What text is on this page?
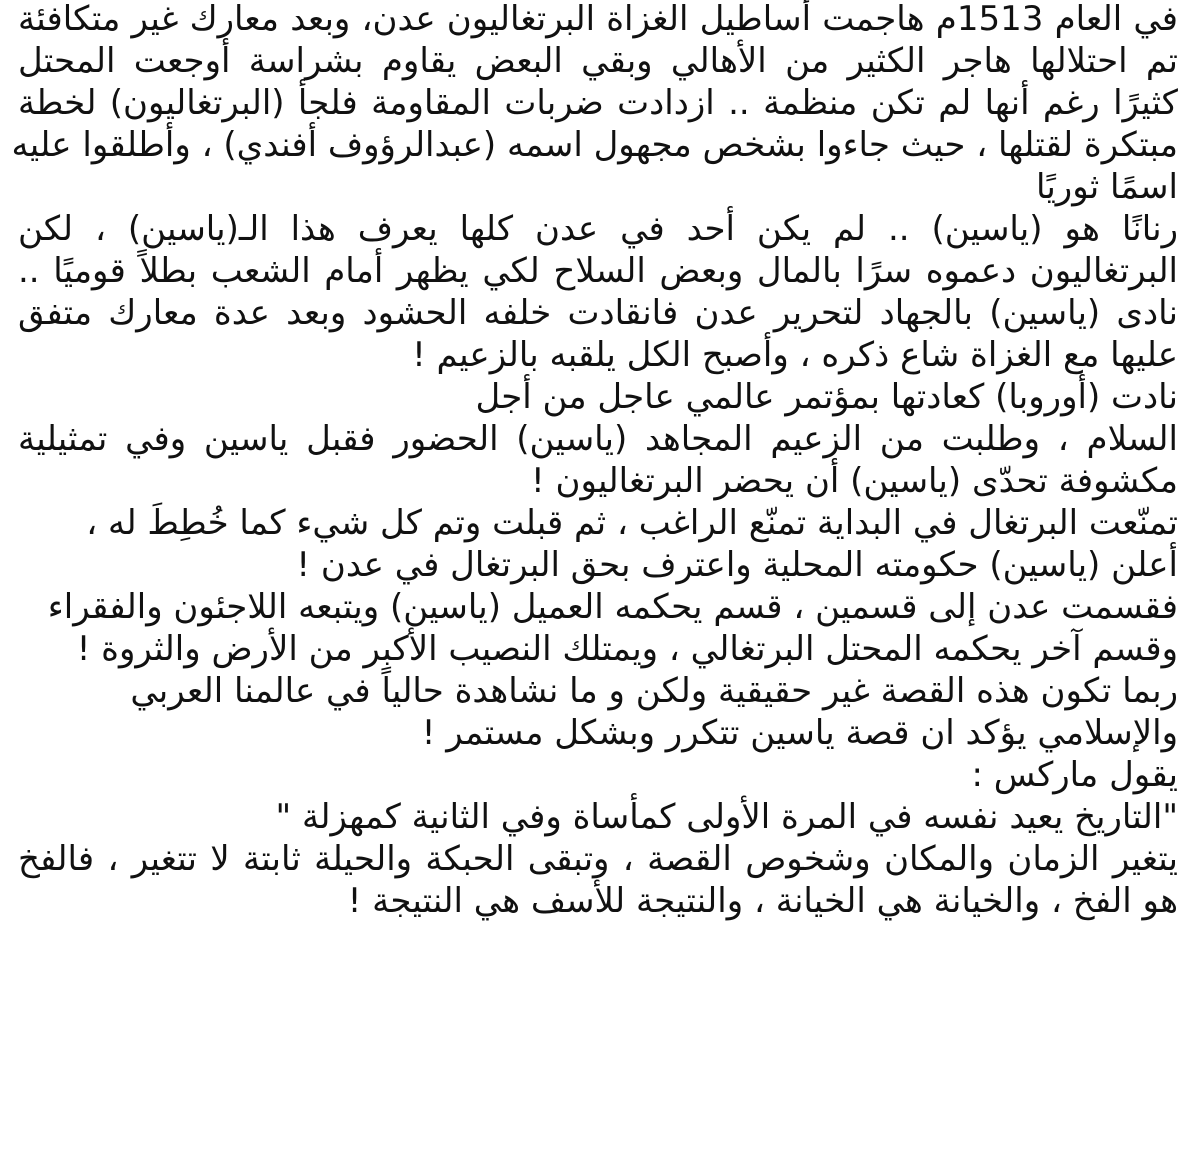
في العام 1513م هاجمت أساطيل الغزاة البرتغاليون عدن، وبعد معارك غير متكافئة
تم احتلالها هاجر الكثير من الأهالي وبقي البعض يقاوم بشراسة أوجعت المحتل
كثيرًا رغم أنها لم تكن منظمة .. ازدادت ضربات المقاومة فلجأ (البرتغاليون) لخطة
مبتكرة لقتلها ، حيث جاءوا بشخص مجهول اسمه (عبدالرؤوف أفندي) ، وأطلقوا عليه
اسمًا ثوريًا
رنانًا هو (ياسين) .. لم يكن أحد في عدن كلها يعرف هذا الـ(ياسين) ، لكن
البرتغاليون دعموه سرًا بالمال وبعض السلاح لكي يظهر أمام الشعب بطلاً قوميًا ..
نادى (ياسين) بالجهاد لتحرير عدن فانقادت خلفه الحشود وبعد عدة معارك متفق
عليها مع الغزاة شاع ذكره ، وأصبح الكل يلقبه بالزعيم !
نادت (أوروبا) كعادتها بمؤتمر عالمي عاجل من أجل
السلام ، وطلبت من الزعيم المجاهد (ياسين) الحضور فقبل ياسين وفي تمثيلية
مكشوفة تحدّى (ياسين) أن يحضر البرتغاليون !
تمنّعت البرتغال في البداية تمنّع الراغب ، ثم قبلت وتم كل شيء كما خُطِطَ له ،
أعلن (ياسين) حكومته المحلية واعترف بحق البرتغال في عدن !
فقسمت عدن إلى قسمين ، قسم يحكمه العميل (ياسين) ويتبعه اللاجئون والفقراء
وقسم آخر يحكمه المحتل البرتغالي ، ويمتلك النصيب الأكبر من الأرض والثروة !
ربما تكون هذه القصة غير حقيقية ولكن و ما نشاهدة حالياً في عالمنا العربي
والإسلامي يؤكد ان قصة ياسين تتكرر وبشكل مستمر !
يقول ماركس :
"التاريخ يعيد نفسه في المرة الأولى كمأساة وفي الثانية كمهزلة "
يتغير الزمان والمكان وشخوص القصة ، وتبقى الحبكة والحيلة ثابتة لا تتغير ، فالفخ
هو الفخ ، والخيانة هي الخيانة ، والنتيجة للأسف هي النتيجة !
